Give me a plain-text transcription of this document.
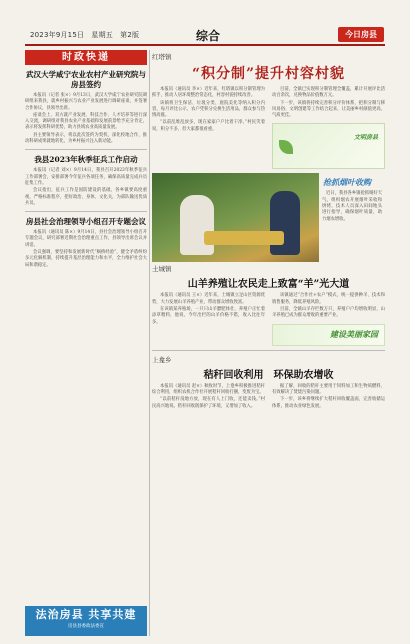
2023年9月15日　星期五　第2版	综合	今日房县
时政快递
武汉大学咸宁农业农村产业研究院与房县签约

本报讯（记者 张×）9月13日，武汉大学咸宁农业研究院调研组来我县，就乡村振兴与农业产业发展进行调研座谈，并签署合作协议，县领导出席。

座谈会上，双方就产业发展、科技合作、人才培养等进行深入交流，调研组对我县农业产业基础和发展前景给予充分肯定，表示将发挥科研优势，助力县域农业高质量发展。

县主要领导表示，将以此次签约为契机，深化校地合作，推动科研成果就地转化，为乡村振兴注入新动能。

我县2023年秋季征兵工作启动

本报讯（记者 刘×）9月14日，我县召开2023年秋季征兵工作部署会，安排部署今年征兵各项任务，确保高质量完成兵员征集工作。

会议指出，征兵工作是国防建设的基础，各乡镇要高度重视，严格标准程序，把好政治、身体、文化关，为部队输送优质兵员。

房县社会治理领导小组召开专题会议

本报讯（通讯员 陈×）9月14日，县社会治理领导小组召开专题会议，研究部署近期社会治理重点工作，县领导出席会议并讲话。

会议强调，要坚持和发展新时代“枫桥经验”，健全矛盾纠纷多元化解机制，持续提升基层治理能力和水平，全力维护社会大局和谐稳定。

法治房县 共享共建
房县县委政法委宣
红塔镇
“积分制”提升村容村貌

本报讯（通讯员 李×）近年来，红塔镇以积分制管理为抓手，推动人居环境整治常态化，村容村貌持续改善。

该镇将卫生保洁、垃圾分类、庭院美化等纳入积分内容，每月评比公示，农户凭积分兑换生活用品，群众参与热情高涨。

“以前乱堆乱放多，现在家家户户比着干净。”村民笑着说，积分不多，但大家都很看重。

目前，全镇已实现积分制管理全覆盖，累计开展评比活动百余次，兑换物品价值数万元。

下一步，该镇将持续完善积分评价体系，把积分制与移风易俗、文明创建等工作结合起来，让美丽乡村颜值更高、气质更佳。

文明房县
抢抓烟叶收购

近日，我县各乡镇抢抓晴好天气，组织烟农开展烟叶采收和烘烤，技术人员深入田间地头进行指导，确保烟叶质量，助力烟农增收。

土城镇
山羊养殖让农民走上致富“羊”光大道

本报讯（通讯员 王×）近年来，土城镇立足山区资源优势，大力发展山羊养殖产业，带动群众增收致富。

在该镇某养殖场，一只只山羊膘肥体壮，养殖户正忙着添草喂料，他说，今年出栏的山羊价格不错，收入比往年多。

该镇通过“合作社+农户”模式，统一提供种羊、技术和销售服务，降低养殖风险。

目前，全镇山羊存栏数万只，养殖户户均增收明显，山羊养殖已成为群众增收的重要产业。

建设美丽家园
上龛乡
秸秆回收利用　环保助农增收

本报讯（通讯员 赵×）秋收时节，上龛乡积极推进秸秆综合利用，组织农机合作社开展秸秆回收打捆，变废为宝。

“以前秸秆没地方放，现在有人上门收，还能卖钱。”村民高兴地说。秸秆回收既保护了环境，又增加了收入。

据了解，回收的秸秆主要用于饲料加工和生物质燃料，有效解决了焚烧污染问题。

下一步，该乡将继续扩大秸秆回收覆盖面，完善收储运体系，推动农业绿色发展。
